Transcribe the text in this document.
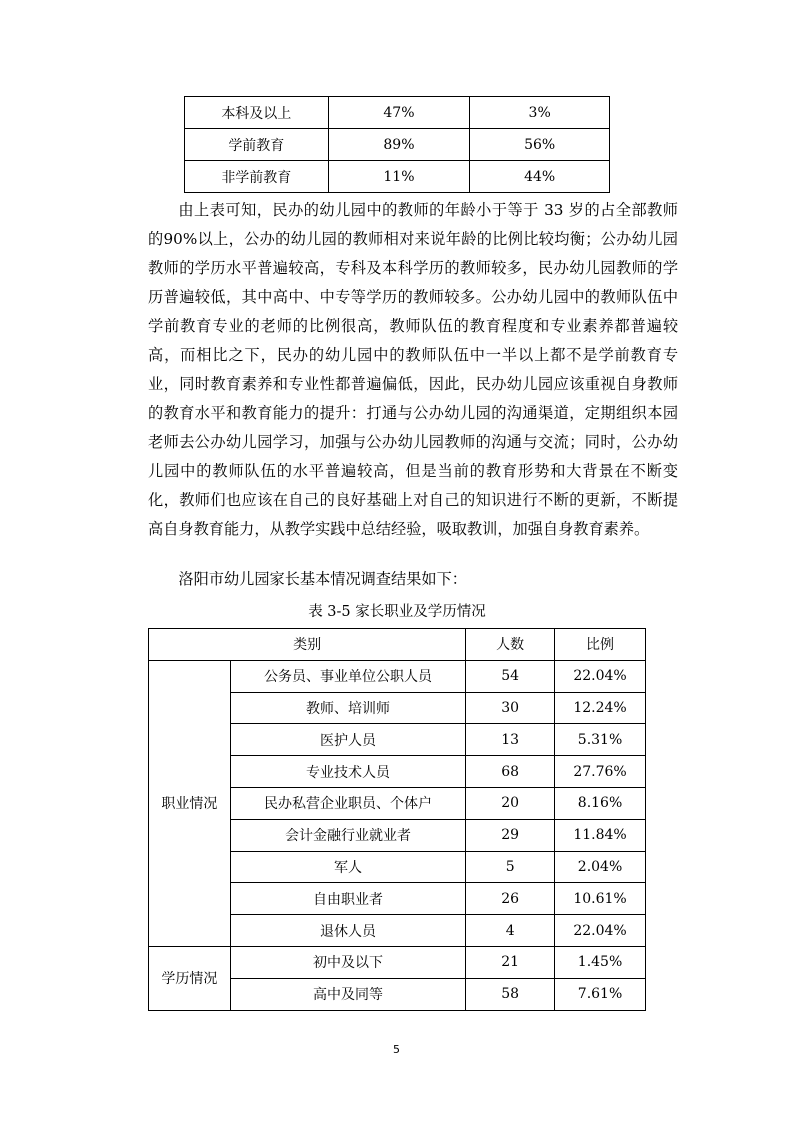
本科及以上	47%	3%
学前教育	89%	56%
非学前教育	11%	44%

由上表可知，民办的幼儿园中的教师的年龄小于等于 33 岁的占全部教师的90%以上，公办的幼儿园的教师相对来说年龄的比例比较均衡；公办幼儿园教师的学历水平普遍较高，专科及本科学历的教师较多，民办幼儿园教师的学历普遍较低，其中高中、中专等学历的教师较多。公办幼儿园中的教师队伍中学前教育专业的老师的比例很高，教师队伍的教育程度和专业素养都普遍较高，而相比之下，民办的幼儿园中的教师队伍中一半以上都不是学前教育专业，同时教育素养和专业性都普遍偏低，因此，民办幼儿园应该重视自身教师的教育水平和教育能力的提升：打通与公办幼儿园的沟通渠道，定期组织本园老师去公办幼儿园学习，加强与公办幼儿园教师的沟通与交流；同时，公办幼儿园中的教师队伍的水平普遍较高，但是当前的教育形势和大背景在不断变化，教师们也应该在自己的良好基础上对自己的知识进行不断的更新，不断提高自身教育能力，从教学实践中总结经验，吸取教训，加强自身教育素养。

洛阳市幼儿园家长基本情况调查结果如下：

表 3-5 家长职业及学历情况

类别		人数	比例
职业情况	公务员、事业单位公职人员	54	22.04%
	教师、培训师	30	12.24%
	医护人员	13	5.31%
	专业技术人员	68	27.76%
	民办私营企业职员、个体户	20	8.16%
	会计金融行业就业者	29	11.84%
	军人	5	2.04%
	自由职业者	26	10.61%
	退休人员	4	22.04%
学历情况	初中及以下	21	1.45%
	高中及同等	58	7.61%

5
